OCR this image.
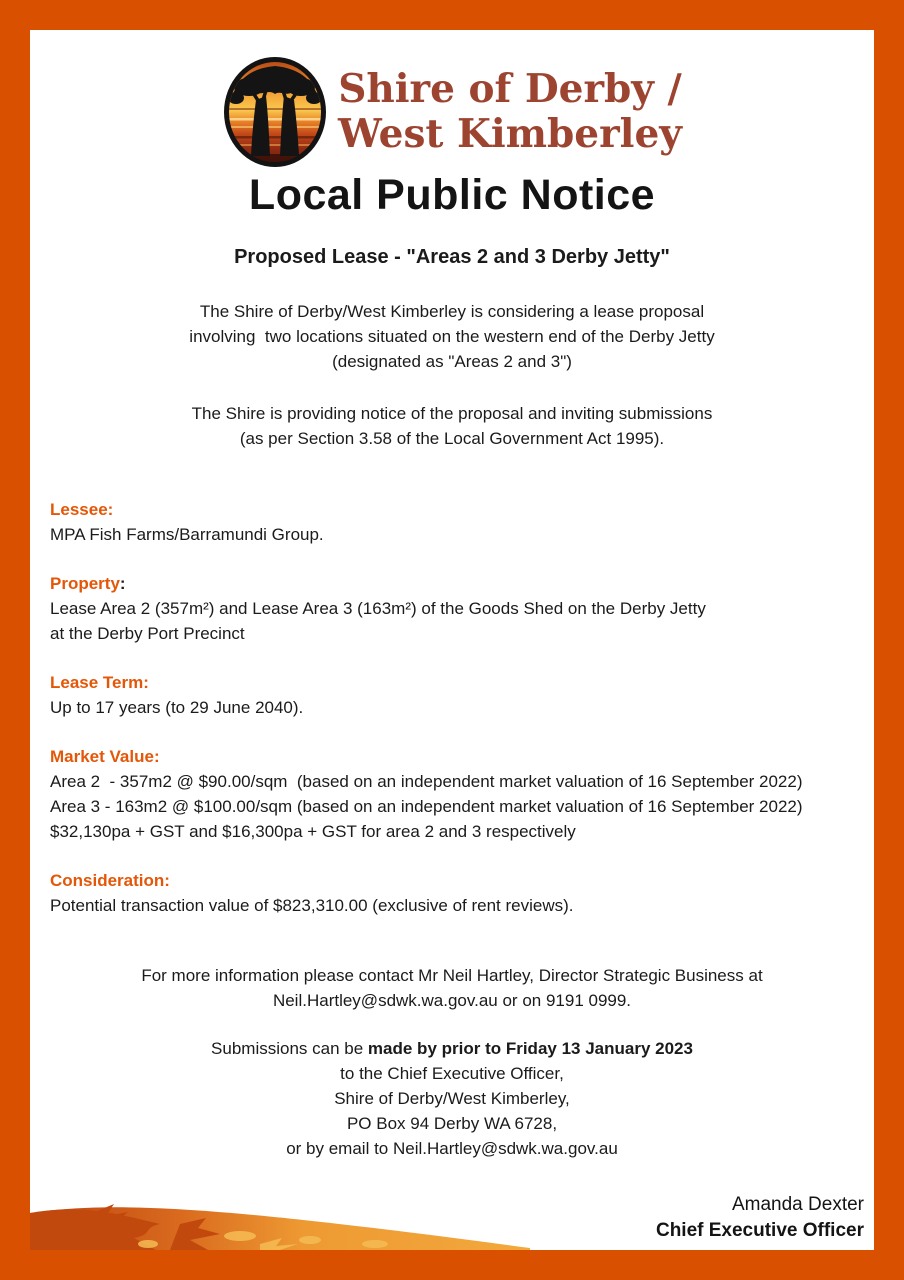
Shire of Derby /
West Kimberley
Local Public Notice
Proposed Lease - "Areas 2 and 3 Derby Jetty"
The Shire of Derby/West Kimberley is considering a lease proposal
involving  two locations situated on the western end of the Derby Jetty
(designated as "Areas 2 and 3")
The Shire is providing notice of the proposal and inviting submissions
(as per Section 3.58 of the Local Government Act 1995).
Lessee:
MPA Fish Farms/Barramundi Group.
Property:
Lease Area 2 (357m²) and Lease Area 3 (163m²) of the Goods Shed on the Derby Jetty
at the Derby Port Precinct
Lease Term:
Up to 17 years (to 29 June 2040).
Market Value:
Area 2  - 357m2 @ $90.00/sqm  (based on an independent market valuation of 16 September 2022)
Area 3 - 163m2 @ $100.00/sqm (based on an independent market valuation of 16 September 2022)
$32,130pa + GST and $16,300pa + GST for area 2 and 3 respectively
Consideration:
Potential transaction value of $823,310.00 (exclusive of rent reviews).
For more information please contact Mr Neil Hartley, Director Strategic Business at
Neil.Hartley@sdwk.wa.gov.au or on 9191 0999.
Submissions can be made by prior to Friday 13 January 2023
to the Chief Executive Officer,
Shire of Derby/West Kimberley,
PO Box 94 Derby WA 6728,
or by email to Neil.Hartley@sdwk.wa.gov.au
Amanda Dexter
Chief Executive Officer
